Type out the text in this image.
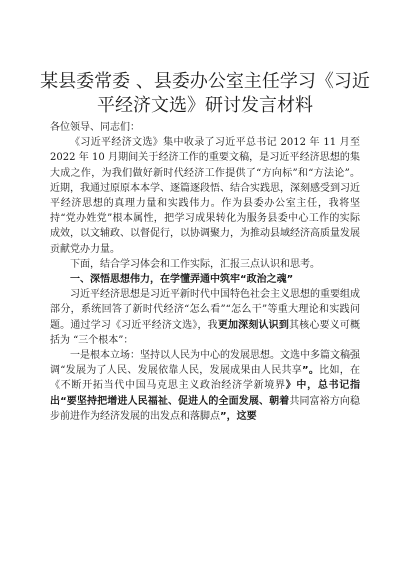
某县委常委 、县委办公室主任学习《习近平经济文选》研讨发言材料

各位领导、同志们：

《习近平经济文选》集中收录了习近平总书记 2012 年 11 月至 2022 年 10 月期间关于经济工作的重要文稿，是习近平经济思想的集大成之作，为我们做好新时代经济工作提供了“方向标”和“方法论”。近期，我通过原原本本学、逐篇逐段悟、结合实践思，深刻感受到习近平经济思想的真理力量和实践伟力。作为县委办公室主任，我将坚持“党办姓党”根本属性，把学习成果转化为服务县委中心工作的实际成效，以文辅政、以督促行，以协调聚力，为推动县域经济高质量发展贡献党办力量。

下面，结合学习体会和工作实际，汇报三点认识和思考。

一、深悟思想伟力，在学懂弄通中筑牢“政治之魂”

习近平经济思想是习近平新时代中国特色社会主义思想的重要组成部分，系统回答了新时代经济“怎么看”“怎么干”等重大理论和实践问题。通过学习《习近平经济文选》，我更加深刻认识到其核心要义可概括为 “三个根本”：

一是根本立场：坚持以人民为中心的发展思想。文选中多篇文稿强调“发展为了人民、发展依靠人民，发展成果由人民共享”。比如，在《不断开拓当代中国马克思主义政治经济学新境界》中，总书记指出“要坚持把增进人民福祉、促进人的全面发展、朝着共同富裕方向稳步前进作为经济发展的出发点和落脚点”，这要
